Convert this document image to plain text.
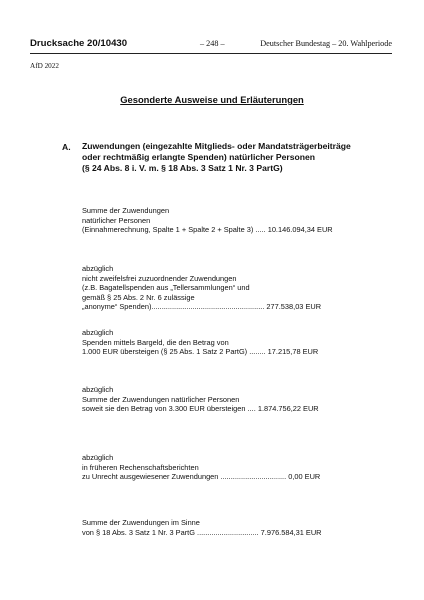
Drucksache 20/10430	– 248 –	Deutscher Bundestag – 20. Wahlperiode
AfD 2022
Gesonderte Ausweise und Erläuterungen
A. Zuwendungen (eingezahlte Mitglieds- oder Mandatsträgerbeiträge
oder rechtmäßig erlangte Spenden) natürlicher Personen
(§ 24 Abs. 8 i. V. m. § 18 Abs. 3 Satz 1 Nr. 3 PartG)
Summe der Zuwendungen
natürlicher Personen
(Einnahmerechnung, Spalte 1 + Spalte 2 + Spalte 3) ..... 10.146.094,34 EUR
abzüglich
nicht zweifelsfrei zuzuordnender Zuwendungen
(z.B. Bagatellspenden aus „Tellersammlungen“ und
gemäß § 25 Abs. 2 Nr. 6 zulässige
„anonyme“ Spenden)....................................................... 277.538,03 EUR
abzüglich
Spenden mittels Bargeld, die den Betrag von
1.000 EUR übersteigen (§ 25 Abs. 1 Satz 2 PartG) ........ 17.215,78 EUR
abzüglich
Summe der Zuwendungen natürlicher Personen
soweit sie den Betrag von 3.300 EUR übersteigen .... 1.874.756,22 EUR
abzüglich
in früheren Rechenschaftsberichten
zu Unrecht ausgewiesener Zuwendungen ................................ 0,00 EUR
Summe der Zuwendungen im Sinne
von § 18 Abs. 3 Satz 1 Nr. 3 PartG .............................. 7.976.584,31 EUR
